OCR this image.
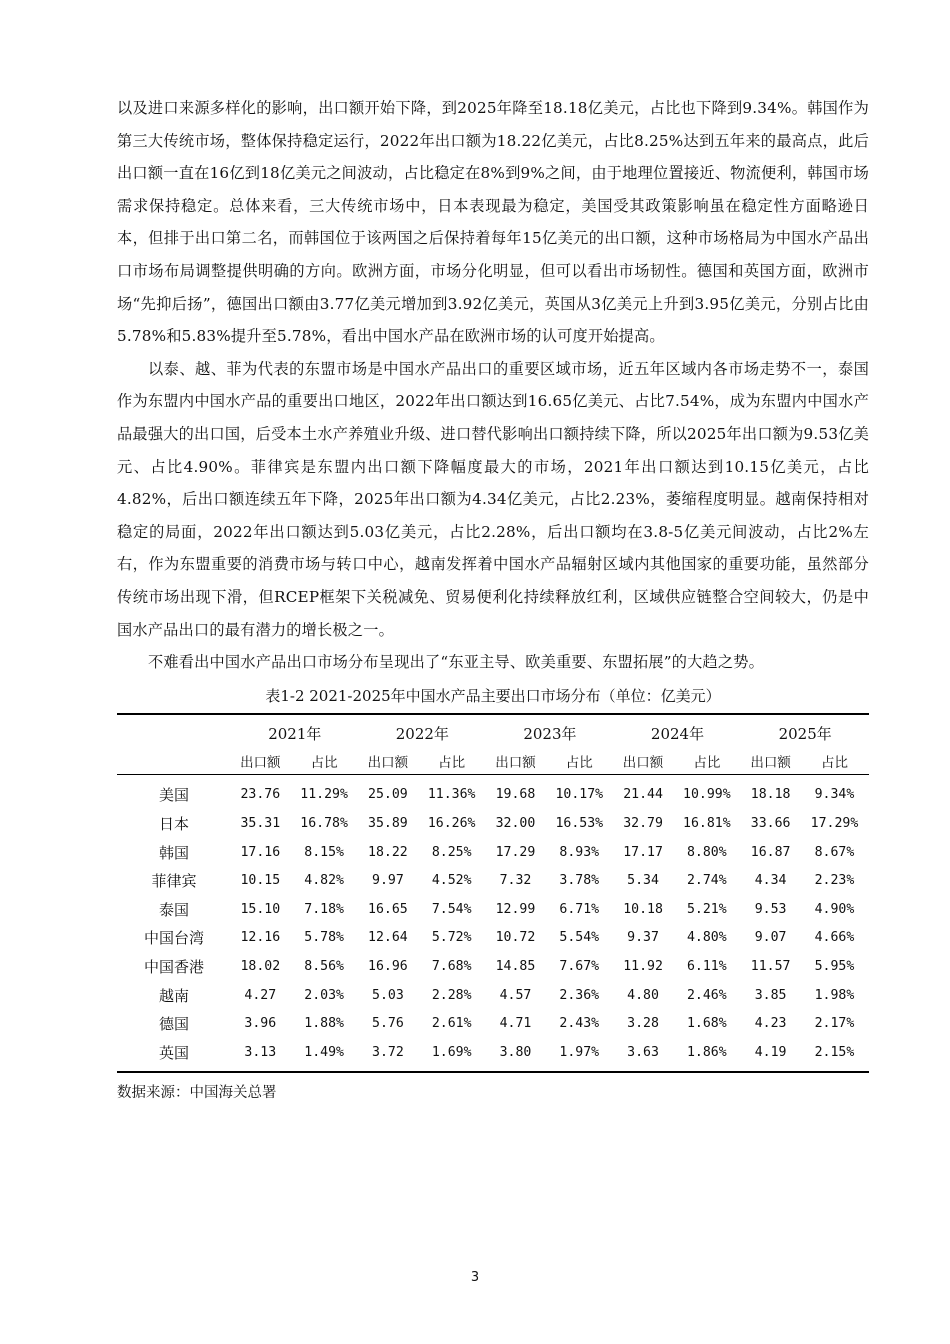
以及进口来源多样化的影响，出口额开始下降，到2025年降至18.18亿美元，占比也下降到9.34%。韩国作为第三大传统市场，整体保持稳定运行，2022年出口额为18.22亿美元，占比8.25%达到五年来的最高点，此后出口额一直在16亿到18亿美元之间波动，占比稳定在8%到9%之间，由于地理位置接近、物流便利，韩国市场需求保持稳定。总体来看，三大传统市场中，日本表现最为稳定，美国受其政策影响虽在稳定性方面略逊日本，但排于出口第二名，而韩国位于该两国之后保持着每年15亿美元的出口额，这种市场格局为中国水产品出口市场布局调整提供明确的方向。欧洲方面，市场分化明显，但可以看出市场韧性。德国和英国方面，欧洲市场“先抑后扬”，德国出口额由3.77亿美元增加到3.92亿美元，英国从3亿美元上升到3.95亿美元，分别占比由5.78%和5.83%提升至5.78%，看出中国水产品在欧洲市场的认可度开始提高。

以泰、越、菲为代表的东盟市场是中国水产品出口的重要区域市场，近五年区域内各市场走势不一，泰国作为东盟内中国水产品的重要出口地区，2022年出口额达到16.65亿美元、占比7.54%，成为东盟内中国水产品最强大的出口国，后受本土水产养殖业升级、进口替代影响出口额持续下降，所以2025年出口额为9.53亿美元、占比4.90%。菲律宾是东盟内出口额下降幅度最大的市场，2021年出口额达到10.15亿美元，占比4.82%，后出口额连续五年下降，2025年出口额为4.34亿美元，占比2.23%，萎缩程度明显。越南保持相对稳定的局面，2022年出口额达到5.03亿美元，占比2.28%，后出口额均在3.8-5亿美元间波动，占比2%左右，作为东盟重要的消费市场与转口中心，越南发挥着中国水产品辐射区域内其他国家的重要功能，虽然部分传统市场出现下滑，但RCEP框架下关税减免、贸易便利化持续释放红利，区域供应链整合空间较大，仍是中国水产品出口的最有潜力的增长极之一。

不难看出中国水产品出口市场分布呈现出了“东亚主导、欧美重要、东盟拓展”的大趋之势。

表1-2 2021-2025年中国水产品主要出口市场分布（单位：亿美元）
	2021年		2022年		2023年		2024年		2025年	
	出口额	占比	出口额	占比	出口额	占比	出口额	占比	出口额	占比
美国	23.76	11.29%	25.09	11.36%	19.68	10.17%	21.44	10.99%	18.18	9.34%
日本	35.31	16.78%	35.89	16.26%	32.00	16.53%	32.79	16.81%	33.66	17.29%
韩国	17.16	8.15%	18.22	8.25%	17.29	8.93%	17.17	8.80%	16.87	8.67%
菲律宾	10.15	4.82%	9.97	4.52%	7.32	3.78%	5.34	2.74%	4.34	2.23%
泰国	15.10	7.18%	16.65	7.54%	12.99	6.71%	10.18	5.21%	9.53	4.90%
中国台湾	12.16	5.78%	12.64	5.72%	10.72	5.54%	9.37	4.80%	9.07	4.66%
中国香港	18.02	8.56%	16.96	7.68%	14.85	7.67%	11.92	6.11%	11.57	5.95%
越南	4.27	2.03%	5.03	2.28%	4.57	2.36%	4.80	2.46%	3.85	1.98%
德国	3.96	1.88%	5.76	2.61%	4.71	2.43%	3.28	1.68%	4.23	2.17%
英国	3.13	1.49%	3.72	1.69%	3.80	1.97%	3.63	1.86%	4.19	2.15%
数据来源：中国海关总署
3
